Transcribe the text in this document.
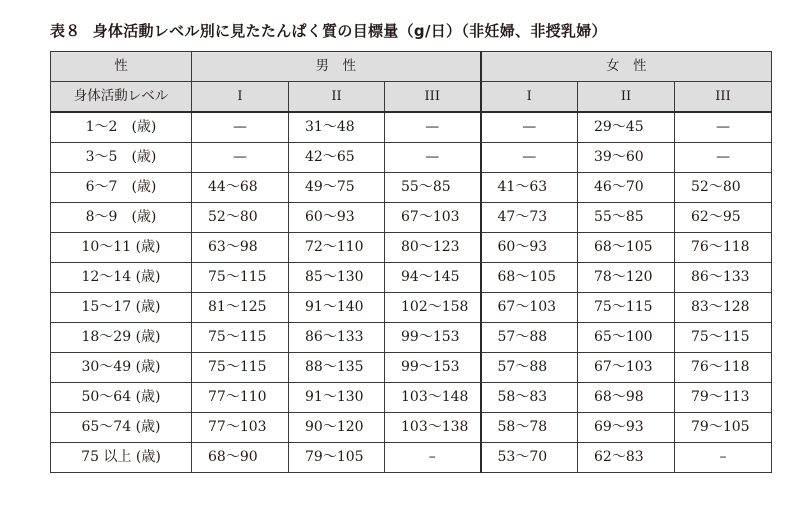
表８ 身体活動レベル別に見たたんぱく質の目標量（g/日）（非妊婦、非授乳婦）
性	男　性			女　性		
身体活動レベル	I	II	III	I	II	III
1～2　(歳)	—	31～48	—	—	29～45	—
3～5　(歳)	—	42～65	—	—	39～60	—
6～7　(歳)	44～68	49～75	55～85	41～63	46～70	52～80
8～9　(歳)	52～80	60～93	67～103	47～73	55～85	62～95
10～11 (歳)	63～98	72～110	80～123	60～93	68～105	76～118
12～14 (歳)	75～115	85～130	94～145	68～105	78～120	86～133
15～17 (歳)	81～125	91～140	102～158	67～103	75～115	83～128
18～29 (歳)	75～115	86～133	99～153	57～88	65～100	75～115
30～49 (歳)	75～115	88～135	99～153	57～88	67～103	76～118
50～64 (歳)	77～110	91～130	103～148	58～83	68～98	79～113
65～74 (歳)	77～103	90～120	103～138	58～78	69～93	79～105
75 以上 (歳)	68～90	79～105	–	53～70	62～83	–
